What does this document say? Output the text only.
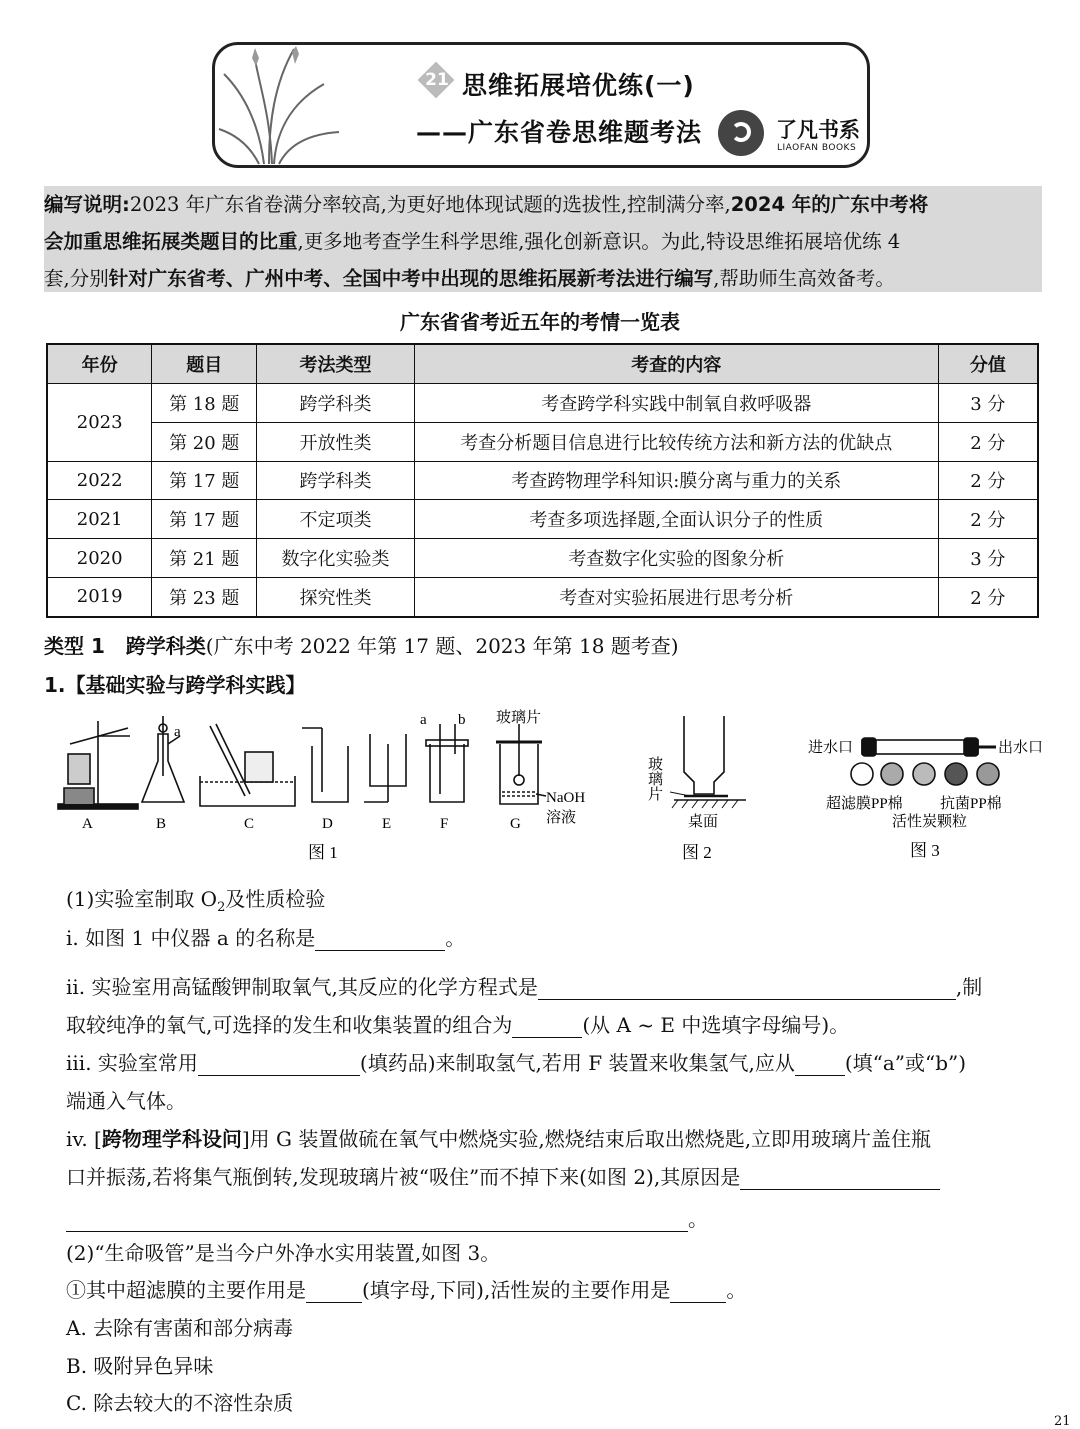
21 思维拓展培优练(一)
——广东省卷思维题考法	了凡书系
LIAOFAN BOOKS
编写说明:2023 年广东省卷满分率较高,为更好地体现试题的选拔性,控制满分率,2024 年的广东中考将
会加重思维拓展类题目的比重,更多地考查学生科学思维,强化创新意识。为此,特设思维拓展培优练 4
套,分别针对广东省考、广州中考、全国中考中出现的思维拓展新考法进行编写,帮助师生高效备考。
广东省省考近五年的考情一览表
年份	题目	考法类型	考查的内容	分值
2023	第 18 题	跨学科类	考查跨学科实践中制氧自救呼吸器	3 分
	第 20 题	开放性类	考查分析题目信息进行比较传统方法和新方法的优缺点	2 分
2022	第 17 题	跨学科类	考查跨物理学科知识:膜分离与重力的关系	2 分
2021	第 17 题	不定项类	考查多项选择题,全面认识分子的性质	2 分
2020	第 21 题	数字化实验类	考查数字化实验的图象分析	3 分
2019	第 23 题	探究性类	考查对实验拓展进行思考分析	2 分
类型 1   跨学科类(广东中考 2022 年第 17 题、2023 年第 18 题考查)
1.【基础实验与跨学科实践】
A	B	C	D	E	F	G
a
a b 玻璃片
NaOH
溶液
图 1
玻璃片
桌面
图 2
进水口	出水口
超滤膜PP棉 抗菌PP棉
活性炭颗粒
图 3
(1)实验室制取 $O_2$及性质检验
i. 如图 1 中仪器 a 的名称是	。
ii. 实验室用高锰酸钾制取氧气,其反应的化学方程式是	,制
取较纯净的氧气,可选择的发生和收集装置的组合为	(从 A ~ E 中选填字母编号)。
iii. 实验室常用	(填药品)来制取氢气,若用 F 装置来收集氢气,应从	(填“a”或“b”)
端通入气体。
iv. [跨物理学科设问]用 G 装置做硫在氧气中燃烧实验,燃烧结束后取出燃烧匙,立即用玻璃片盖住瓶
口并振荡,若将集气瓶倒转,发现玻璃片被“吸住”而不掉下来(如图 2),其原因是
。
(2)“生命吸管”是当今户外净水实用装置,如图 3。
①其中超滤膜的主要作用是	(填字母,下同),活性炭的主要作用是	。
A. 去除有害菌和部分病毒
B. 吸附异色异味
C. 除去较大的不溶性杂质
21
